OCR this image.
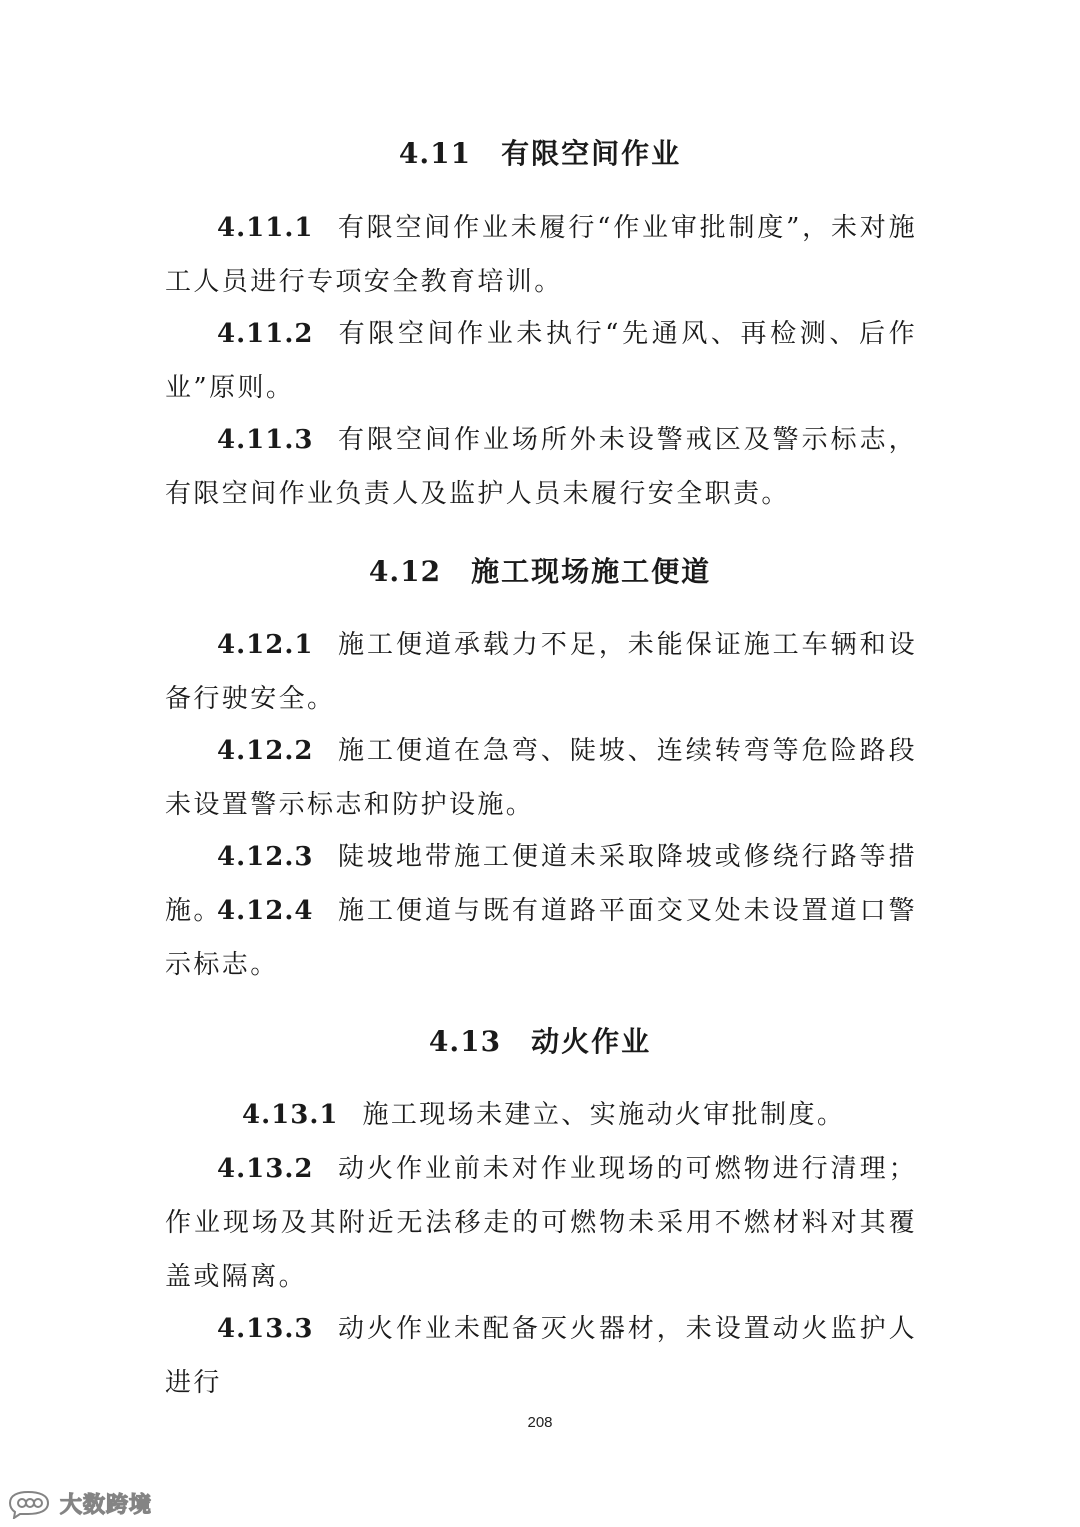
4.11 有限空间作业

4.11.1 有限空间作业未履行“作业审批制度”，未对施工人员进行专项安全教育培训。

4.11.2 有限空间作业未执行“先通风、再检测、后作业”原则。

4.11.3 有限空间作业场所外未设警戒区及警示标志，有限空间作业负责人及监护人员未履行安全职责。

4.12 施工现场施工便道

4.12.1 施工便道承载力不足，未能保证施工车辆和设备行驶安全。

4.12.2 施工便道在急弯、陡坡、连续转弯等危险路段未设置警示标志和防护设施。

4.12.3 陡坡地带施工便道未采取降坡或修绕行路等措施。

4.12.4 施工便道与既有道路平面交叉处未设置道口警示标志。

4.13 动火作业

4.13.1 施工现场未建立、实施动火审批制度。

4.13.2 动火作业前未对作业现场的可燃物进行清理；作业现场及其附近无法移走的可燃物未采用不燃材料对其覆盖或隔离。

4.13.3 动火作业未配备灭火器材，未设置动火监护人进行

208
大数跨境
